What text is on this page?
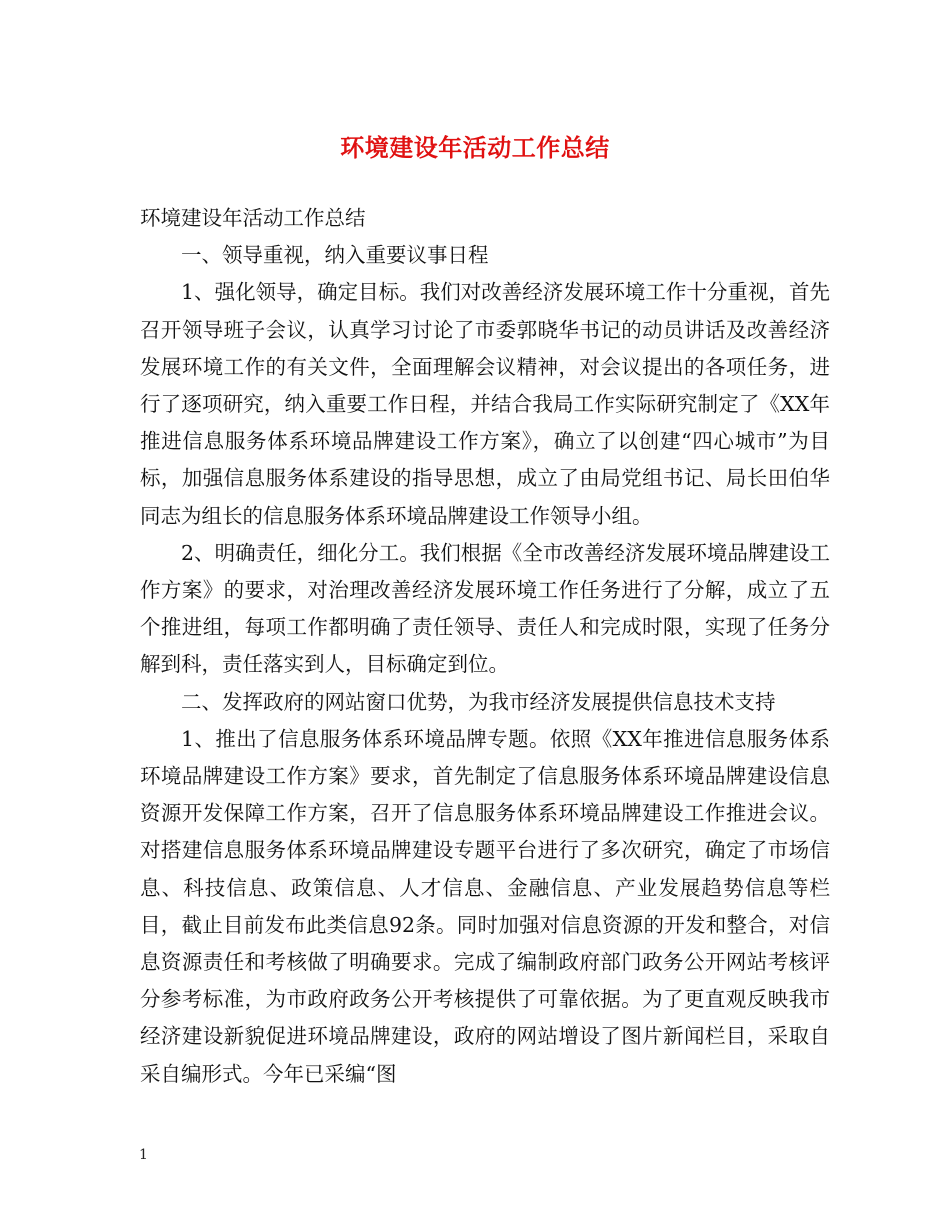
环境建设年活动工作总结

环境建设年活动工作总结

一、领导重视，纳入重要议事日程

1、强化领导，确定目标。我们对改善经济发展环境工作十分重视，首先召开领导班子会议，认真学习讨论了市委郭晓华书记的动员讲话及改善经济发展环境工作的有关文件，全面理解会议精神，对会议提出的各项任务，进行了逐项研究，纳入重要工作日程，并结合我局工作实际研究制定了《XX年推进信息服务体系环境品牌建设工作方案》，确立了以创建“四心城市”为目标，加强信息服务体系建设的指导思想，成立了由局党组书记、局长田伯华同志为组长的信息服务体系环境品牌建设工作领导小组。

2、明确责任，细化分工。我们根据《全市改善经济发展环境品牌建设工作方案》的要求，对治理改善经济发展环境工作任务进行了分解，成立了五个推进组，每项工作都明确了责任领导、责任人和完成时限，实现了任务分解到科，责任落实到人，目标确定到位。

二、发挥政府的网站窗口优势，为我市经济发展提供信息技术支持

1、推出了信息服务体系环境品牌专题。依照《XX年推进信息服务体系环境品牌建设工作方案》要求，首先制定了信息服务体系环境品牌建设信息资源开发保障工作方案，召开了信息服务体系环境品牌建设工作推进会议。对搭建信息服务体系环境品牌建设专题平台进行了多次研究，确定了市场信息、科技信息、政策信息、人才信息、金融信息、产业发展趋势信息等栏目，截止目前发布此类信息92条。同时加强对信息资源的开发和整合，对信息资源责任和考核做了明确要求。完成了编制政府部门政务公开网站考核评分参考标准，为市政府政务公开考核提供了可靠依据。为了更直观反映我市经济建设新貌促进环境品牌建设，政府的网站增设了图片新闻栏目，采取自采自编形式。今年已采编“图

1
